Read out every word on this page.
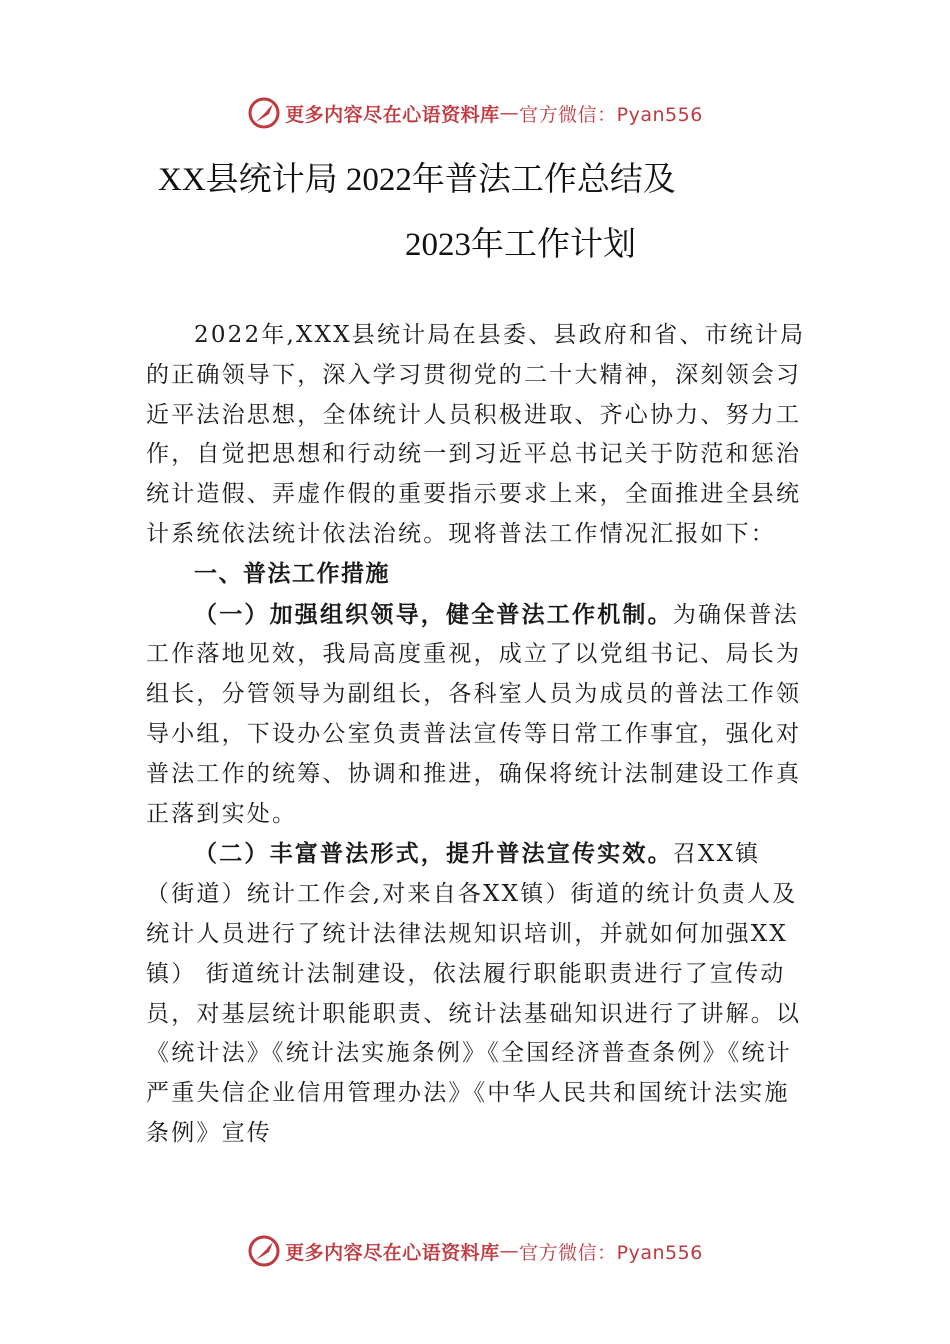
更多内容尽在心语资料库 — 官方微信：Pyan556
XX县统计局 2022年普法工作总结及
2023年工作计划

2022年,XXX县统计局在县委、县政府和省、市统计局的正确领导下，深入学习贯彻党的二十大精神，深刻领会习近平法治思想，全体统计人员积极进取、齐心协力、努力工作，自觉把思想和行动统一到习近平总书记关于防范和惩治统计造假、弄虚作假的重要指示要求上来，全面推进全县统计系统依法统计依法治统。现将普法工作情况汇报如下：

一、普法工作措施

（一）加强组织领导，健全普法工作机制。为确保普法工作落地见效，我局高度重视，成立了以党组书记、局长为组长，分管领导为副组长，各科室人员为成员的普法工作领导小组，下设办公室负责普法宣传等日常工作事宜，强化对普法工作的统筹、协调和推进，确保将统计法制建设工作真正落到实处。

（二）丰富普法形式，提升普法宣传实效。召XX镇（街道）统计工作会,对来自各XX镇）街道的统计负责人及统计人员进行了统计法律法规知识培训，并就如何加强XX镇） 街道统计法制建设，依法履行职能职责进行了宣传动员，对基层统计职能职责、统计法基础知识进行了讲解。以《统计法》《统计法实施条例》《全国经济普查条例》《统计严重失信企业信用管理办法》《中华人民共和国统计法实施条例》宣传

更多内容尽在心语资料库 — 官方微信：Pyan556
